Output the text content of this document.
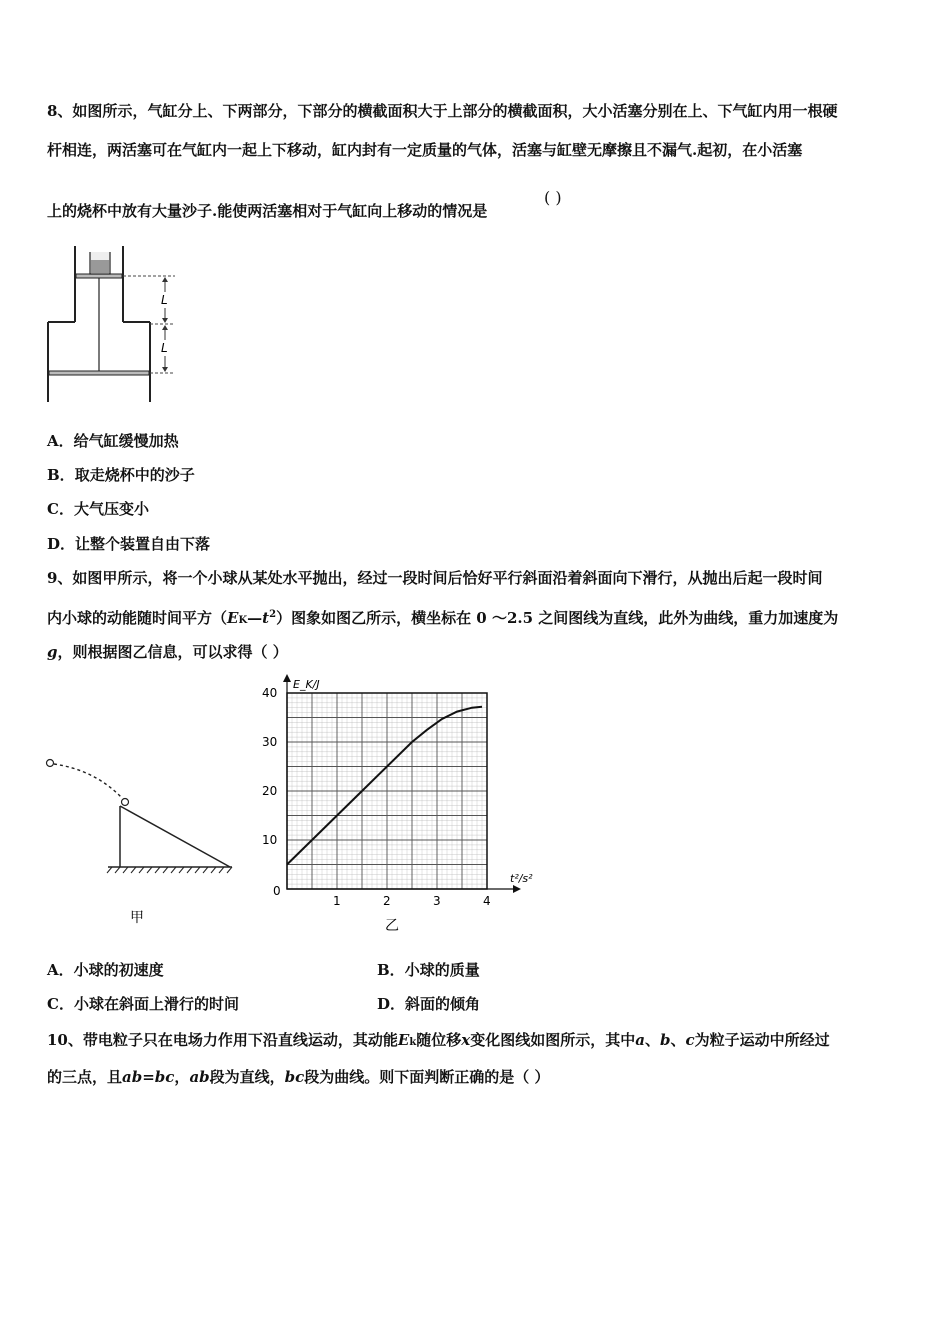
8、如图所示，气缸分上、下两部分，下部分的横截面积大于上部分的横截面积，大小活塞分别在上、下气缸内用一根硬
杆相连，两活塞可在气缸内一起上下移动，缸内封有一定质量的气体，活塞与缸壁无摩擦且不漏气.起初，在小活塞
上的烧杯中放有大量沙子.能使两活塞相对于气缸向上移动的情况是
( )
L
L
A．给气缸缓慢加热
B．取走烧杯中的沙子
C．大气压变小
D．让整个装置自由下落
9、如图甲所示，将一个小球从某处水平抛出，经过一段时间后恰好平行斜面沿着斜面向下滑行，从抛出后起一段时间
内小球的动能随时间平方$(EK—t^2)$图象如图乙所示，横坐标在 0 ～2.5 之间图线为直线，此外为曲线，重力加速度为
g，则根据图乙信息，可以求得（ ）
甲
1	2	3	4
10
20
30
40
E_K/J
t²/s²
0
乙
A．小球的初速度	B．小球的质量
C．小球在斜面上滑行的时间	D．斜面的倾角
10、带电粒子只在电场力作用下沿直线运动，其动能Ek随位移x变化图线如图所示，其中a、b、c为粒子运动中所经过
的三点，且ab=bc，ab段为直线，bc段为曲线。则下面判断正确的是（ ）
